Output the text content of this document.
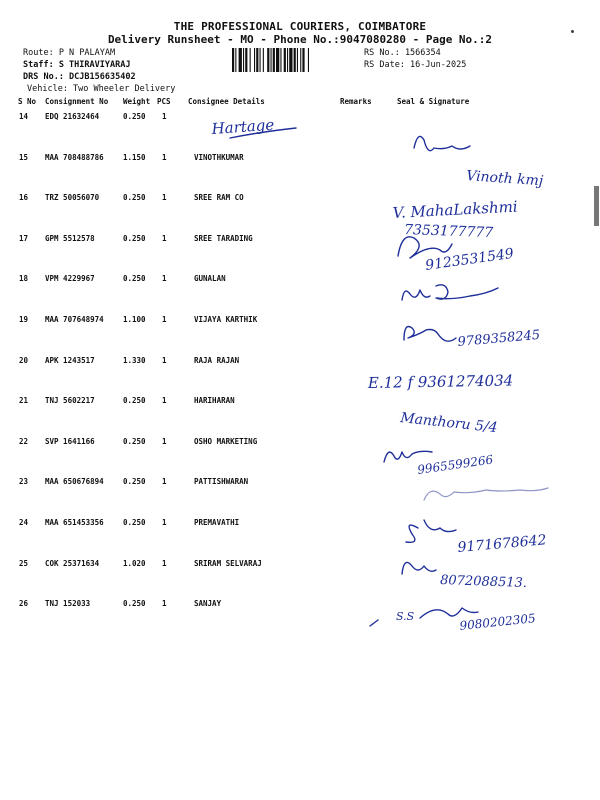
THE PROFESSIONAL COURIERS, COIMBATORE
Delivery Runsheet - MO - Phone No.:9047080280 - Page No.:2
Route: P N PALAYAM
Staff: S THIRAVIYARAJ
DRS No.: DCJB156635402
Vehicle: Two Wheeler Delivery
RS No.: 1566354
RS Date: 16-Jun-2025
S No Consignment No Weight PCS Consignee Details	Remarks	Seal & Signature
14 EDQ 21632464	0.250 1
15 MAA 708488786	1.150 1	VINOTHKUMAR
16 TRZ 50056070	0.250 1	SREE RAM CO
17 GPM 5512578	0.250 1	SREE TARADING
18 VPM 4229967	0.250 1	GUNALAN
19 MAA 707648974	1.100 1	VIJAYA KARTHIK
20 APK 1243517	1.330 1	RAJA RAJAN
21 TNJ 5602217	0.250 1	HARIHARAN
22 SVP 1641166	0.250 1	OSHO MARKETING
23 MAA 650676894	0.250 1	PATTISHWARAN
24 MAA 651453356	0.250 1	PREMAVATHI
25 COK 25371634	1.020 1	SRIRAM SELVARAJ
26 TNJ 152033	0.250 1	SANJAY
Hartage
Vinoth kmj
V. MahaLakshmi
7353177777
9123531549
9789358245
E.12 f 9361274034
Manthoru 5/4
9965599266
9171678642
8072088513.
S.S	9080202305
